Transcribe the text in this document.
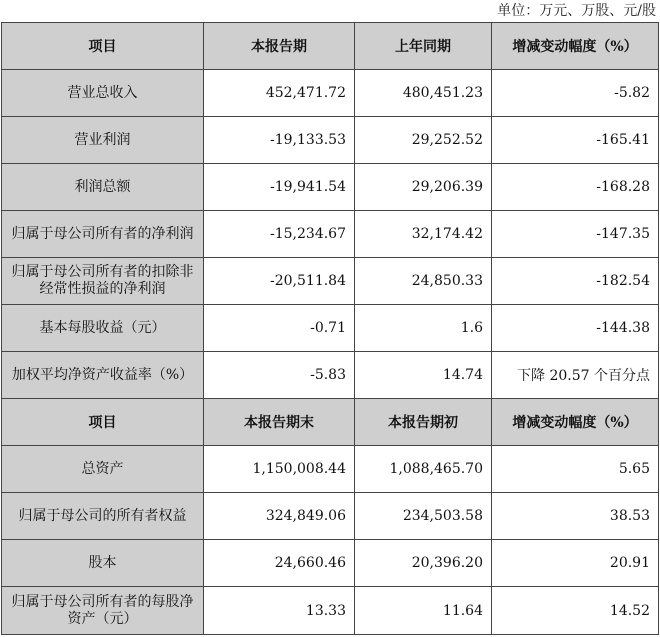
单位：万元、万股、元/股
项目	本报告期	上年同期	增减变动幅度（%）
营业总收入	452,471.72	480,451.23	-5.82
营业利润	-19,133.53	29,252.52	-165.41
利润总额	-19,941.54	29,206.39	-168.28
归属于母公司所有者的净利润	-15,234.67	32,174.42	-147.35
归属于母公司所有者的扣除非经常性损益的净利润	-20,511.84	24,850.33	-182.54
基本每股收益（元）	-0.71	1.6	-144.38
加权平均净资产收益率（%）	-5.83	14.74	下降 20.57 个百分点
项目	本报告期末	本报告期初	增减变动幅度（%）
总资产	1,150,008.44	1,088,465.70	5.65
归属于母公司的所有者权益	324,849.06	234,503.58	38.53
股本	24,660.46	20,396.20	20.91
归属于母公司所有者的每股净资产（元）	13.33	11.64	14.52
